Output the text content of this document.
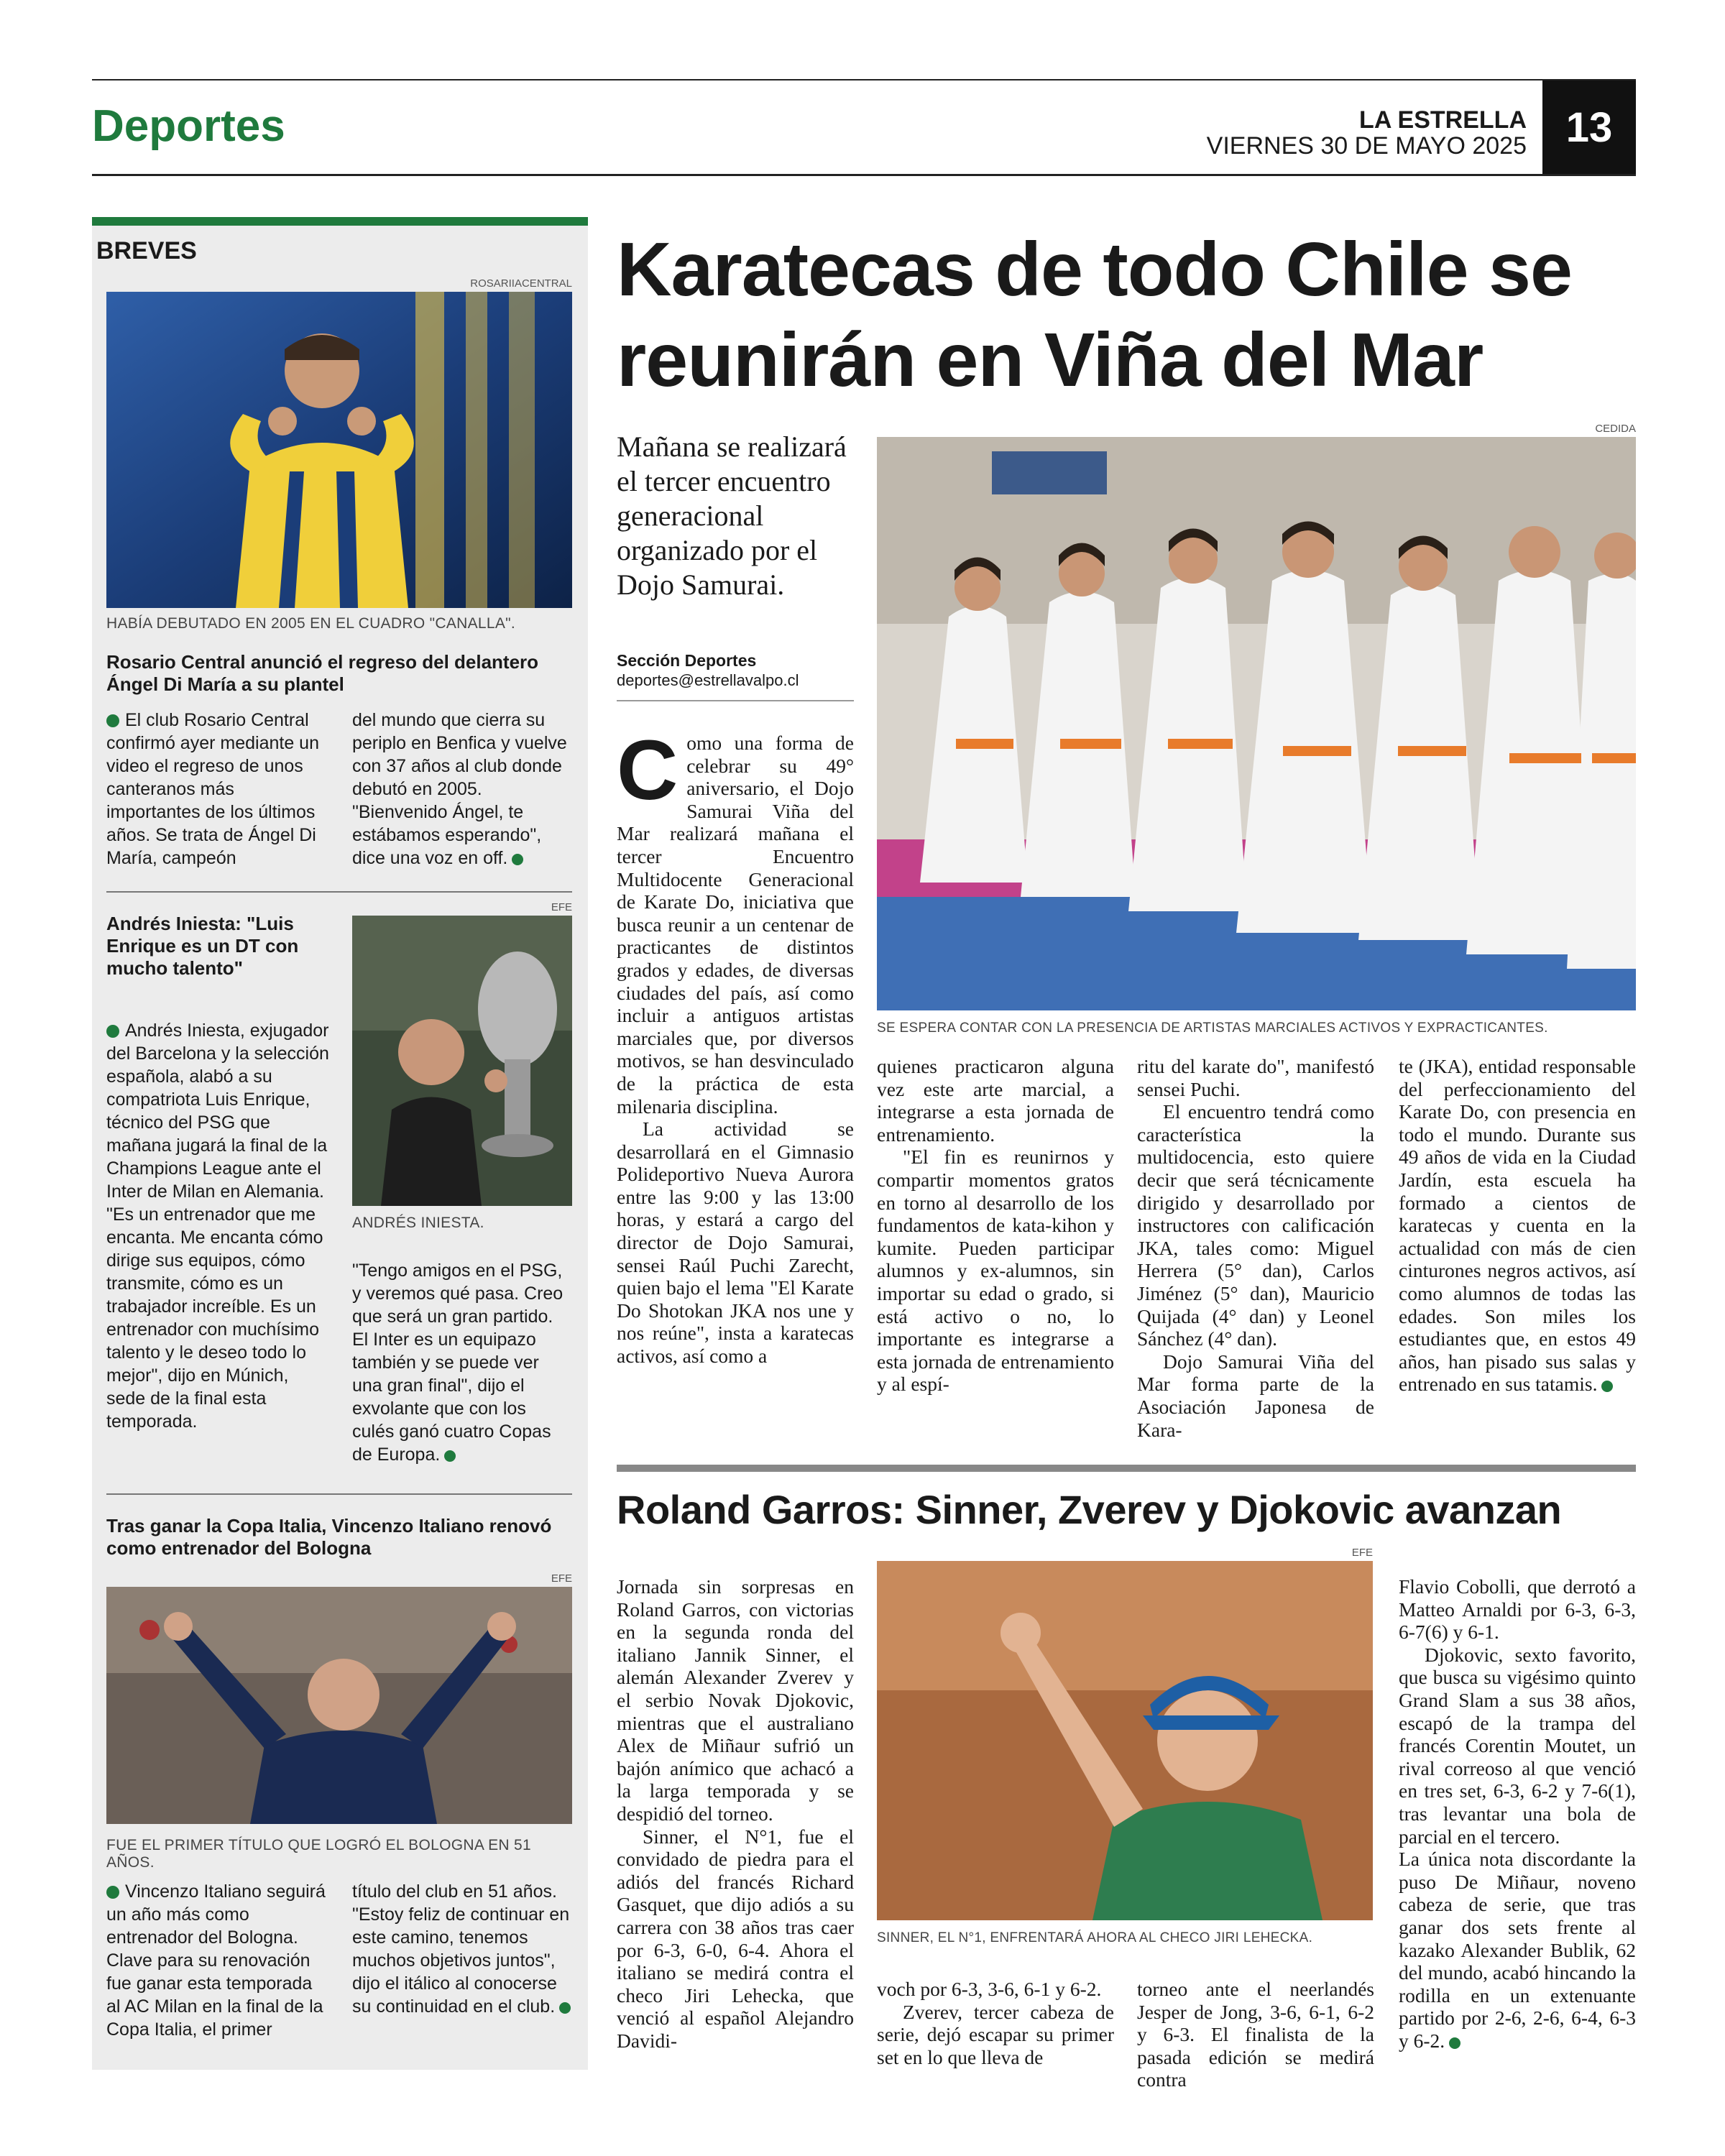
Deportes	LA ESTRELLA
VIERNES 30 DE MAYO 2025 13
BREVES
ROSARIIACENTRAL
HABÍA DEBUTADO EN 2005 EN EL CUADRO "CANALLA".
Rosario Central anunció el regreso del delantero Ángel Di María a su plantel
El club Rosario Central confirmó ayer mediante un video el regreso de unos canteranos más importantes de los últimos años. Se trata de Ángel Di María, campeón
del mundo que cierra su periplo en Benfica y vuelve con 37 años al club donde debutó en 2005. "Bienvenido Ángel, te estábamos esperando", dice una voz en off.
Andrés Iniesta: "Luis Enrique es un DT con mucho talento"
EFE
ANDRÉS INIESTA.
Andrés Iniesta, exjugador del Barcelona y la selección española, alabó a su compatriota Luis Enrique, técnico del PSG que mañana jugará la final de la Champions League ante el Inter de Milan en Alemania. "Es un entrenador que me encanta. Me encanta cómo dirige sus equipos, cómo transmite, cómo es un trabajador increíble. Es un entrenador con muchísimo talento y le deseo todo lo mejor", dijo en Múnich, sede de la final esta temporada.
"Tengo amigos en el PSG, y veremos qué pasa. Creo que será un gran partido. El Inter es un equipazo también y se puede ver una gran final", dijo el exvolante que con los culés ganó cuatro Copas de Europa.
Tras ganar la Copa Italia, Vincenzo Italiano renovó como entrenador del Bologna
EFE
FUE EL PRIMER TÍTULO QUE LOGRÓ EL BOLOGNA EN 51 AÑOS.
Vincenzo Italiano seguirá un año más como entrenador del Bologna. Clave para su renovación fue ganar esta temporada al AC Milan en la final de la Copa Italia, el primer
título del club en 51 años. "Estoy feliz de continuar en este camino, tenemos muchos objetivos juntos", dijo el itálico al conocerse su continuidad en el club.
Karatecas de todo Chile se reunirán en Viña del Mar
Mañana se realizará el tercer encuentro generacional organizado por el Dojo Samurai.
Sección Deportes
deportes@estrellavalpo.cl
CEDIDA
SE ESPERA CONTAR CON LA PRESENCIA DE ARTISTAS MARCIALES ACTIVOS Y EXPRACTICANTES.

Como una forma de celebrar su 49° aniversario, el Dojo Samurai Viña del Mar realizará mañana el tercer Encuentro Multidocente Generacional de Karate Do, iniciativa que busca reunir a un centenar de practicantes de distintos grados y edades, de diversas ciudades del país, así como incluir a antiguos artistas marciales que, por diversos motivos, se han desvinculado de la práctica de esta milenaria disciplina.

La actividad se desarrollará en el Gimnasio Polideportivo Nueva Aurora entre las 9:00 y las 13:00 horas, y estará a cargo del director de Dojo Samurai, sensei Raúl Puchi Zarecht, quien bajo el lema "El Karate Do Shotokan JKA nos une y nos reúne", insta a karatecas activos, así como a

quienes practicaron alguna vez este arte marcial, a integrarse a esta jornada de entrenamiento.

"El fin es reunirnos y compartir momentos gratos en torno al desarrollo de los fundamentos de kata-kihon y kumite. Pueden participar alumnos y ex-alumnos, sin importar su edad o grado, si está activo o no, lo importante es integrarse a esta jornada de entrenamiento y al espí-

ritu del karate do", manifestó sensei Puchi.

El encuentro tendrá como característica la multidocencia, esto quiere decir que será técnicamente dirigido y desarrollado por instructores con calificación JKA, tales como: Miguel Herrera (5° dan), Carlos Jiménez (5° dan), Mauricio Quijada (4° dan) y Leonel Sánchez (4° dan).

Dojo Samurai Viña del Mar forma parte de la Asociación Japonesa de Kara-

te (JKA), entidad responsable del perfeccionamiento del Karate Do, con presencia en todo el mundo. Durante sus 49 años de vida en la Ciudad Jardín, esta escuela ha formado a cientos de karatecas y cuenta en la actualidad con más de cien cinturones negros activos, así como alumnos de todas las edades. Son miles los estudiantes que, en estos 49 años, han pisado sus salas y entrenado en sus tatamis.

Roland Garros: Sinner, Zverev y Djokovic avanzan
EFE
SINNER, EL N°1, ENFRENTARÁ AHORA AL CHECO JIRI LEHECKA.

Jornada sin sorpresas en Roland Garros, con victorias en la segunda ronda del italiano Jannik Sinner, el alemán Alexander Zverev y el serbio Novak Djokovic, mientras que el australiano Alex de Miñaur sufrió un bajón anímico que achacó a la larga temporada y se despidió del torneo.

Sinner, el N°1, fue el convidado de piedra para el adiós del francés Richard Gasquet, que dijo adiós a su carrera con 38 años tras caer por 6-3, 6-0, 6-4. Ahora el italiano se medirá contra el checo Jiri Lehecka, que venció al español Alejandro Davidi-

voch por 6-3, 3-6, 6-1 y 6-2.

Zverev, tercer cabeza de serie, dejó escapar su primer set en lo que lleva de

torneo ante el neerlandés Jesper de Jong, 3-6, 6-1, 6-2 y 6-3. El finalista de la pasada edición se medirá contra

Flavio Cobolli, que derrotó a Matteo Arnaldi por 6-3, 6-3, 6-7(6) y 6-1.

Djokovic, sexto favorito, que busca su vigésimo quinto Grand Slam a sus 38 años, escapó de la trampa del francés Corentin Moutet, un rival correoso al que venció en tres set, 6-3, 6-2 y 7-6(1), tras levantar una bola de parcial en el tercero.

La única nota discordante la puso De Miñaur, noveno cabeza de serie, que tras ganar dos sets frente al kazako Alexander Bublik, 62 del mundo, acabó hincando la rodilla en un extenuante partido por 2-6, 2-6, 6-4, 6-3 y 6-2.
